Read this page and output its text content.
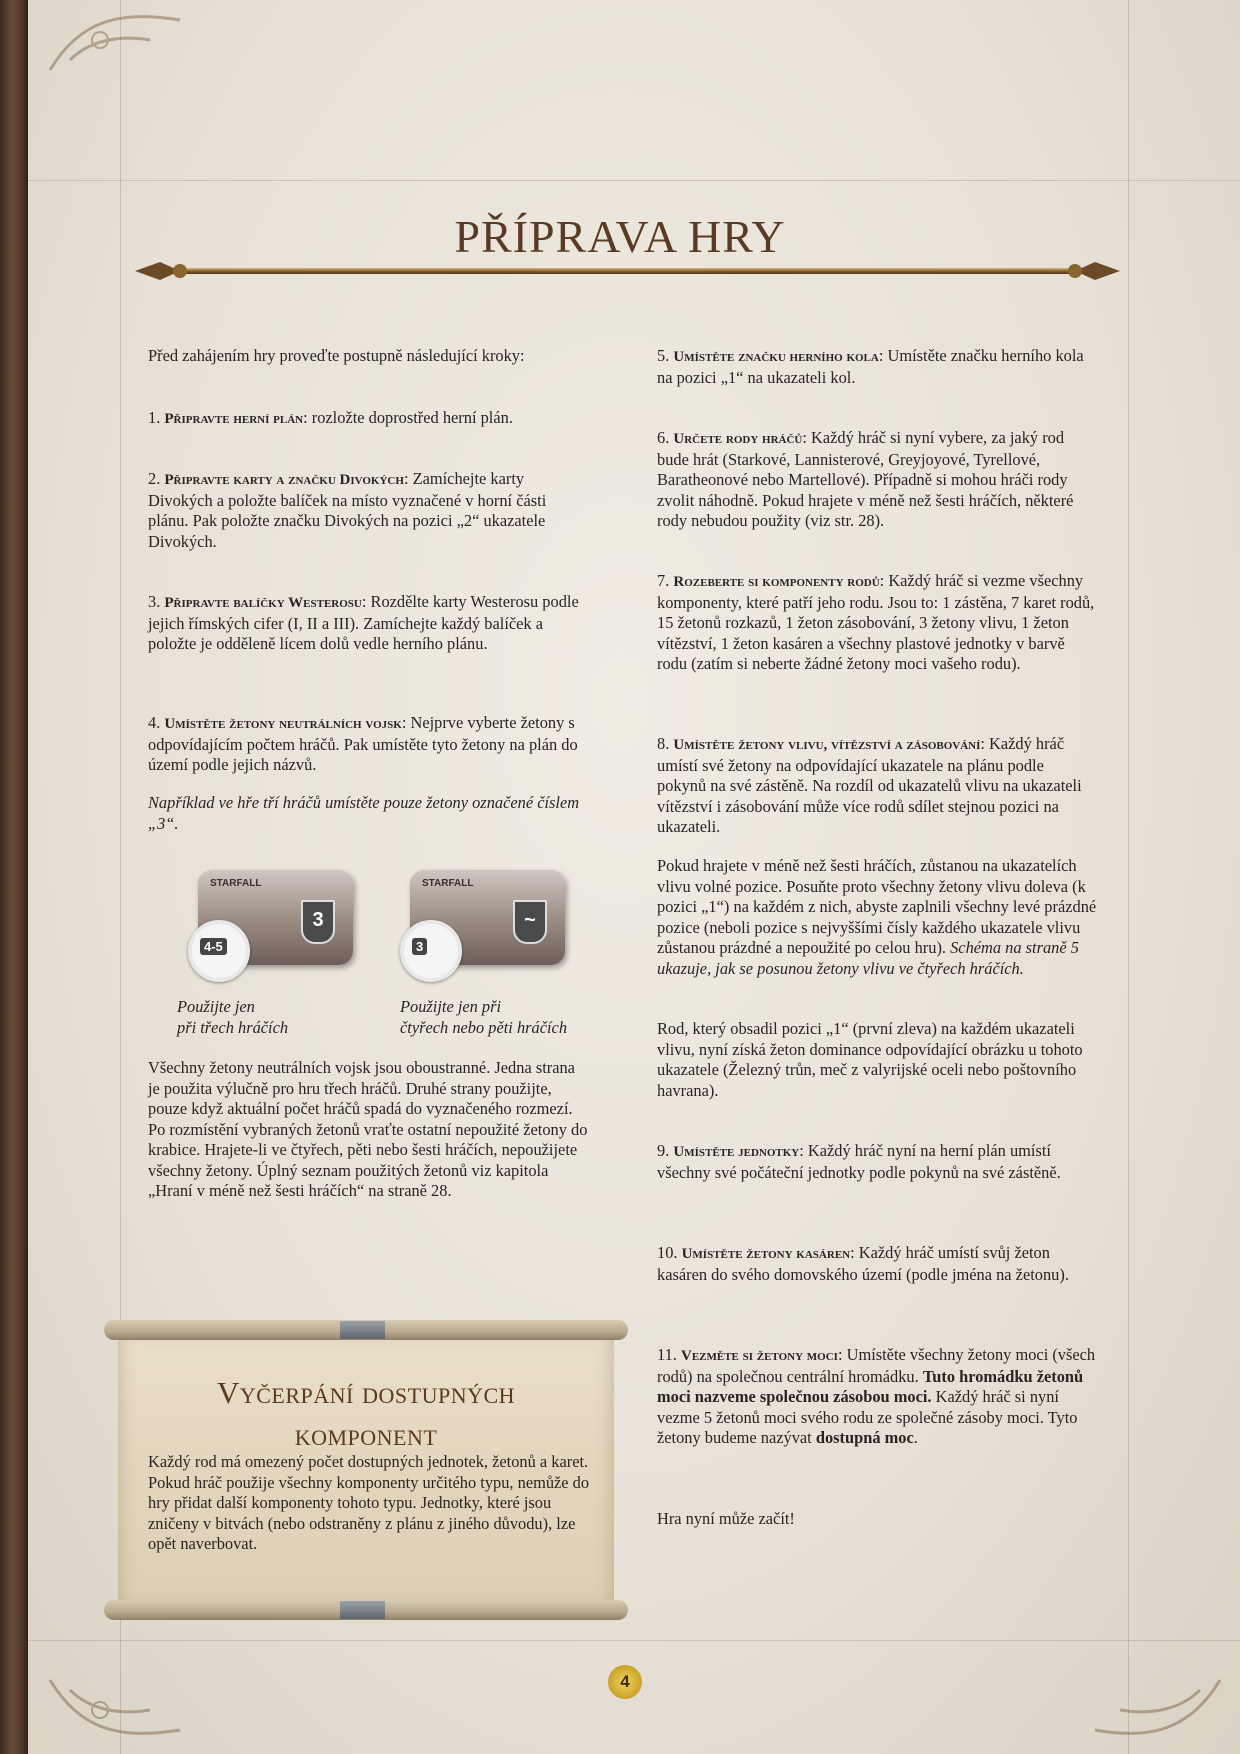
PŘÍPRAVA HRY

Před zahájením hry proveďte postupně následující kroky:

1. Připravte herní plán: rozložte doprostřed herní plán.

2. Připravte karty a značku Divokých: Zamíchejte karty Divokých a položte balíček na místo vyznačené v horní části plánu. Pak položte značku Divokých na pozici „2“ ukazatele Divokých.

3. Připravte balíčky Westerosu: Rozdělte karty Westerosu podle jejich římských cifer (I, II a III). Zamíchejte každý balíček a položte je odděleně lícem dolů vedle herního plánu.

4. Umístěte žetony neutrálních vojsk: Nejprve vyberte žetony s odpovídajícím počtem hráčů. Pak umístěte tyto žetony na plán do území podle jejich názvů.

Například ve hře tří hráčů umístěte pouze žetony označené číslem „3“.

STARFALL
3
4-5
STARFALL
~
3
Použijte jen
při třech hráčích
Použijte jen při
čtyřech nebo pěti hráčích

Všechny žetony neutrálních vojsk jsou oboustranné. Jedna strana je použita výlučně pro hru třech hráčů. Druhé strany použijte, pouze když aktuální počet hráčů spadá do vyznačeného rozmezí. Po rozmístění vybraných žetonů vraťte ostatní nepoužité žetony do krabice. Hrajete-li ve čtyřech, pěti nebo šesti hráčích, nepoužijete všechny žetony. Úplný seznam použitých žetonů viz kapitola „Hraní v méně než šesti hráčích“ na straně 28.

Vyčerpání dostupných
komponent
Každý rod má omezený počet dostupných jednotek, žetonů a karet. Pokud hráč použije všechny komponenty určitého typu, nemůže do hry přidat další komponenty tohoto typu. Jednotky, které jsou zničeny v bitvách (nebo odstraněny z plánu z jiného důvodu), lze opět naverbovat.

5. Umístěte značku herního kola: Umístěte značku herního kola na pozici „1“ na ukazateli kol.

6. Určete rody hráčů: Každý hráč si nyní vybere, za jaký rod bude hrát (Starkové, Lannisterové, Greyjoyové, Tyrellové, Baratheonové nebo Martellové). Případně si mohou hráči rody zvolit náhodně. Pokud hrajete v méně než šesti hráčích, některé rody nebudou použity (viz str. 28).

7. Rozeberte si komponenty rodů: Každý hráč si vezme všechny komponenty, které patří jeho rodu. Jsou to: 1 zástěna, 7 karet rodů, 15 žetonů rozkazů, 1 žeton zásobování, 3 žetony vlivu, 1 žeton vítězství, 1 žeton kasáren a všechny plastové jednotky v barvě rodu (zatím si neberte žádné žetony moci vašeho rodu).

8. Umístěte žetony vlivu, vítězství a zásobování: Každý hráč umístí své žetony na odpovídající ukazatele na plánu podle pokynů na své zástěně. Na rozdíl od ukazatelů vlivu na ukazateli vítězství i zásobování může více rodů sdílet stejnou pozici na ukazateli.

Pokud hrajete v méně než šesti hráčích, zůstanou na ukazatelích vlivu volné pozice. Posuňte proto všechny žetony vlivu doleva (k pozici „1“) na každém z nich, abyste zaplnili všechny levé prázdné pozice (neboli pozice s nejvyššími čísly každého ukazatele vlivu zůstanou prázdné a nepoužité po celou hru). Schéma na straně 5 ukazuje, jak se posunou žetony vlivu ve čtyřech hráčích.

Rod, který obsadil pozici „1“ (první zleva) na každém ukazateli vlivu, nyní získá žeton dominance odpovídající obrázku u tohoto ukazatele (Železný trůn, meč z valyrijské oceli nebo poštovního havrana).

9. Umístěte jednotky: Každý hráč nyní na herní plán umístí všechny své počáteční jednotky podle pokynů na své zástěně.

10. Umístěte žetony kasáren: Každý hráč umístí svůj žeton kasáren do svého domovského území (podle jména na žetonu).

11. Vezměte si žetony moci: Umístěte všechny žetony moci (všech rodů) na společnou centrální hromádku. Tuto hromádku žetonů moci nazveme společnou zásobou moci. Každý hráč si nyní vezme 5 žetonů moci svého rodu ze společné zásoby moci. Tyto žetony budeme nazývat dostupná moc.

Hra nyní může začít!

4
